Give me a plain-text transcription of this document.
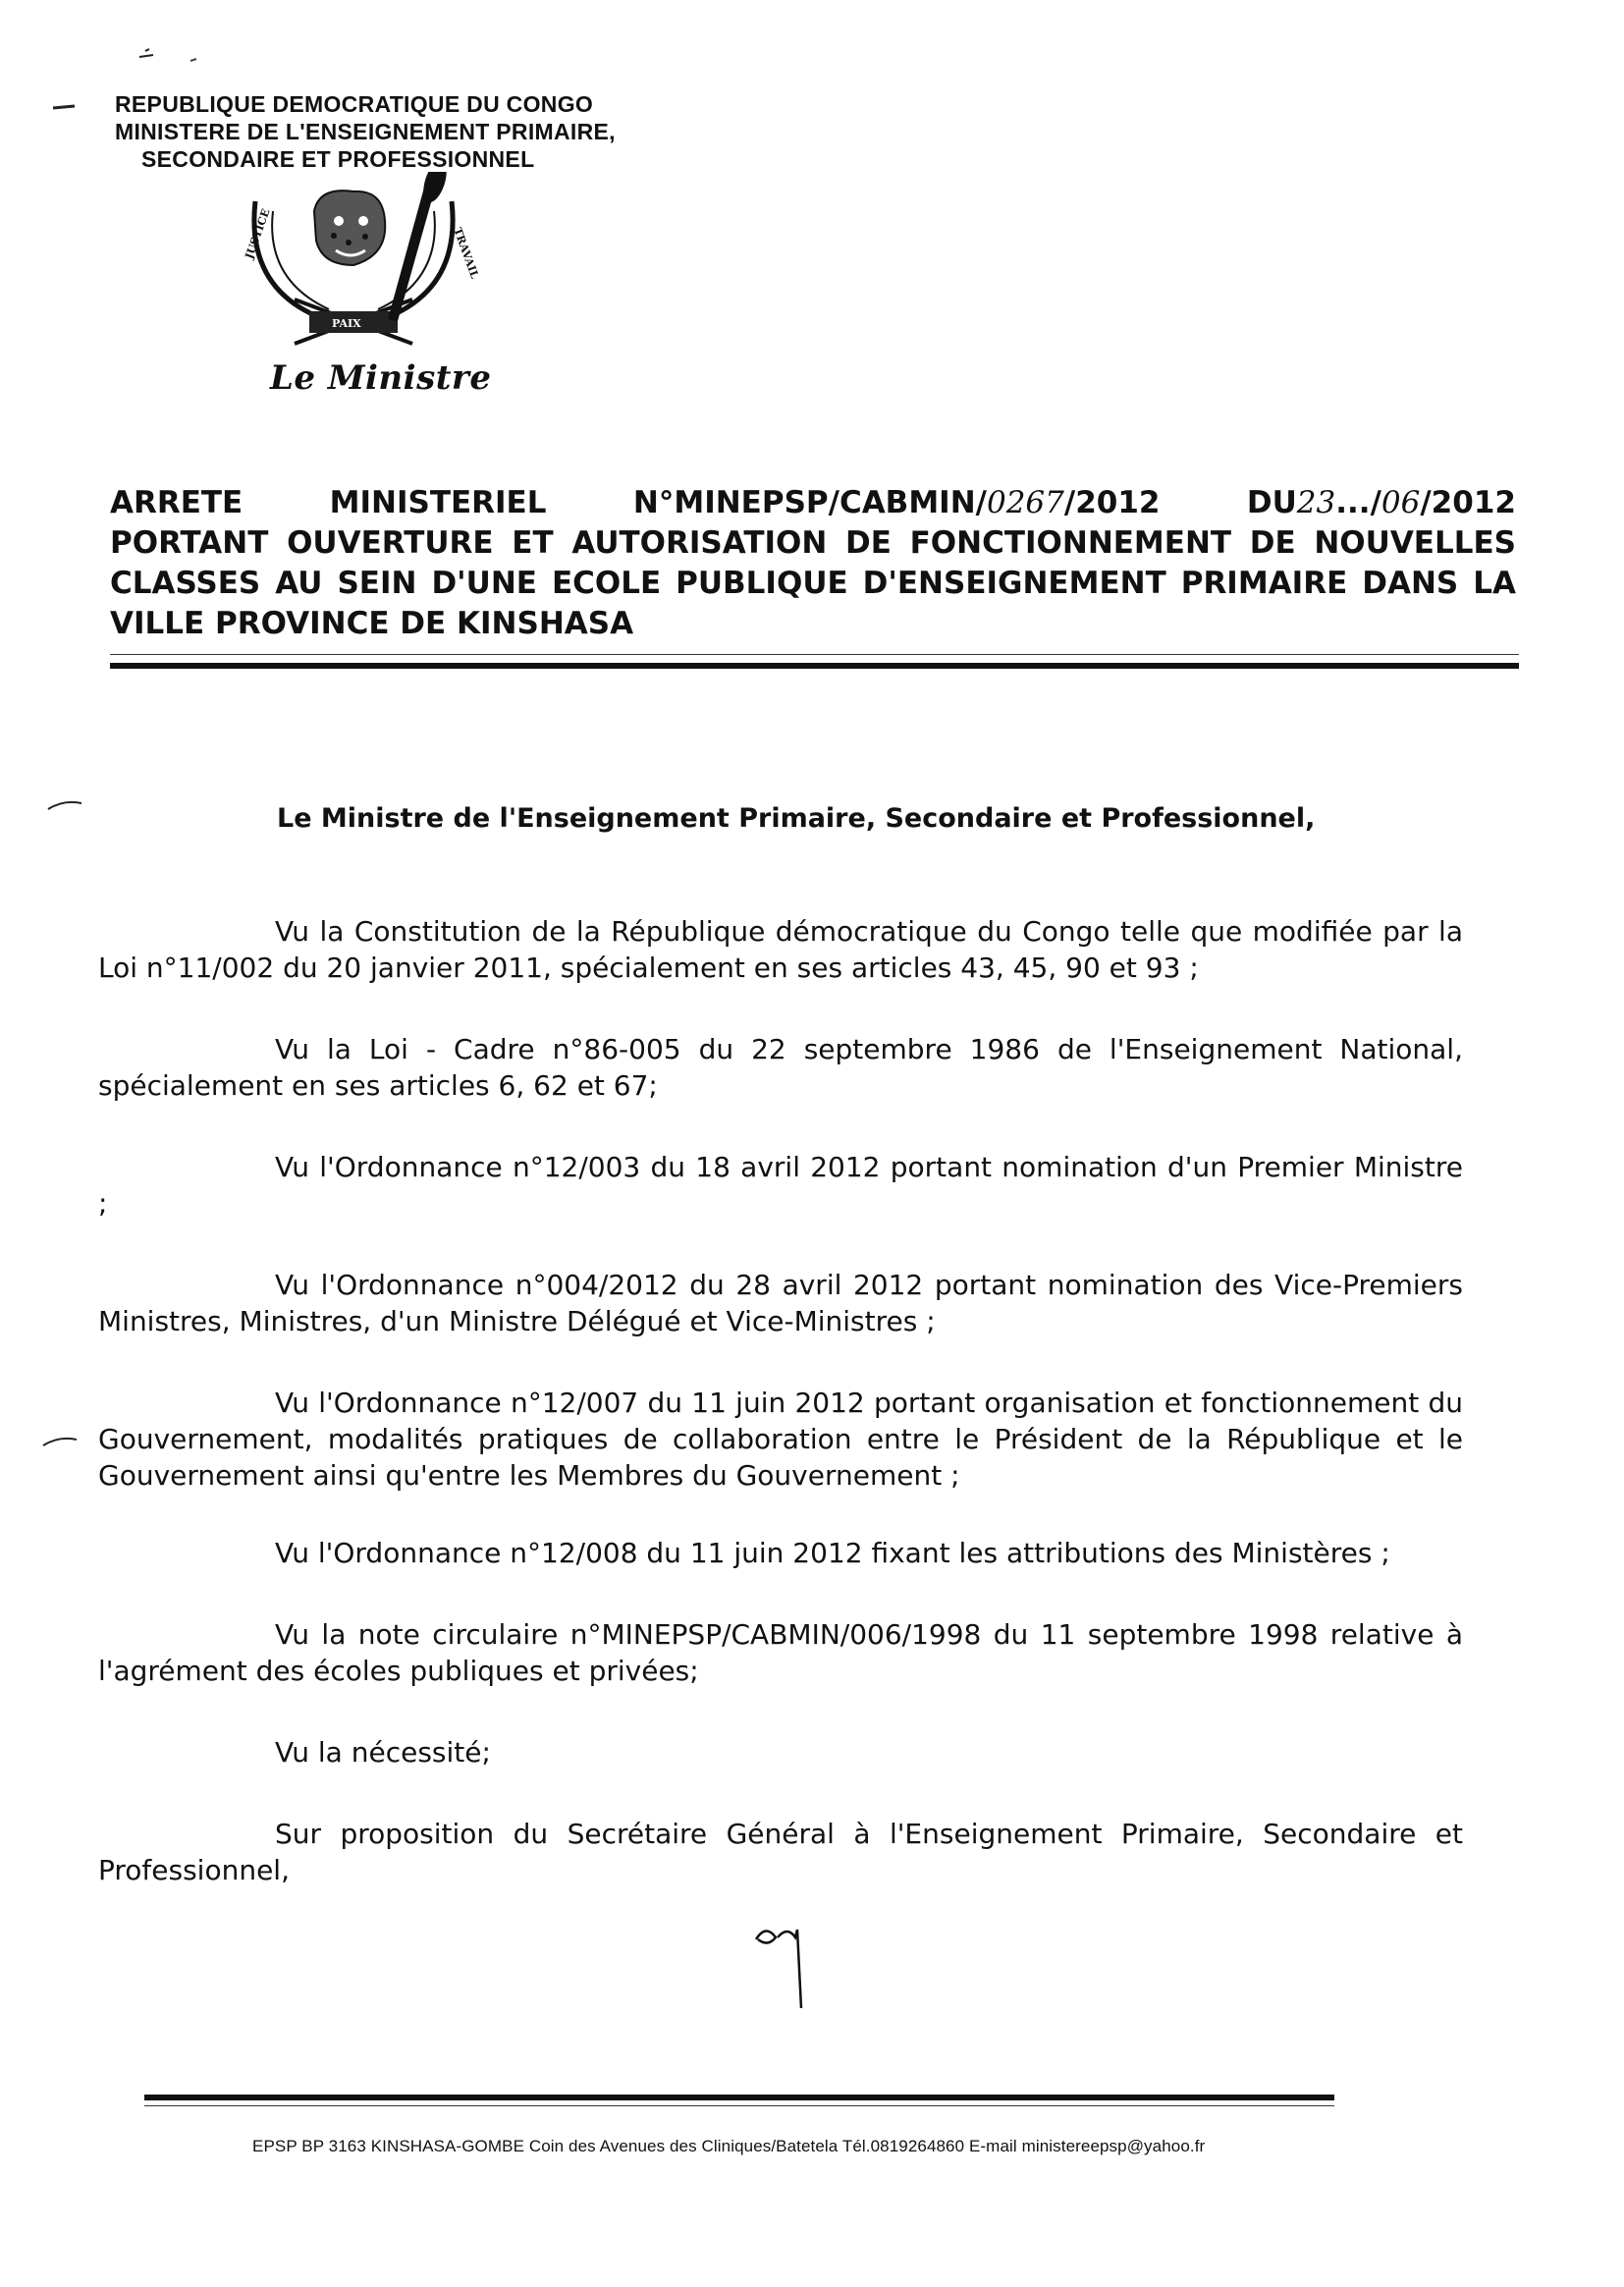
REPUBLIQUE DEMOCRATIQUE DU CONGO
MINISTERE DE L'ENSEIGNEMENT PRIMAIRE,
SECONDAIRE ET PROFESSIONNEL
JUSTICE
PAIX
TRAVAIL
Le Ministre
ARRETE	MINISTERIEL	N°MINEPSP/CABMIN/0267/2012	DU23.../06/2012
PORTANT OUVERTURE ET AUTORISATION DE FONCTIONNEMENT DE NOUVELLES CLASSES AU SEIN D'UNE ECOLE PUBLIQUE D'ENSEIGNEMENT PRIMAIRE DANS LA VILLE PROVINCE DE KINSHASA
Le Ministre de l'Enseignement Primaire, Secondaire et Professionnel,

Vu la Constitution de la République démocratique du Congo telle que modifiée par la Loi n°11/002 du 20 janvier 2011, spécialement en ses articles 43, 45, 90 et 93 ;

Vu la Loi - Cadre n°86-005 du 22 septembre 1986 de l'Enseignement National, spécialement en ses articles 6, 62 et 67;

Vu l'Ordonnance n°12/003 du 18 avril 2012 portant nomination d'un Premier Ministre ;

Vu l'Ordonnance n°004/2012 du 28 avril 2012 portant nomination des Vice-Premiers Ministres, Ministres, d'un Ministre Délégué et Vice-Ministres ;

Vu l'Ordonnance n°12/007 du 11 juin 2012 portant organisation et fonctionnement du Gouvernement, modalités pratiques de collaboration entre le Président de la République et le Gouvernement ainsi qu'entre les Membres du Gouvernement ;

Vu l'Ordonnance n°12/008 du 11 juin 2012 fixant les attributions des Ministères ;

Vu la note circulaire n°MINEPSP/CABMIN/006/1998 du 11 septembre 1998 relative à l'agrément des écoles publiques et privées;

Vu la nécessité;

Sur proposition du Secrétaire Général à l'Enseignement Primaire, Secondaire et Professionnel,

EPSP BP 3163 KINSHASA-GOMBE Coin des Avenues des Cliniques/Batetela Tél.0819264860 E-mail ministereepsp@yahoo.fr
